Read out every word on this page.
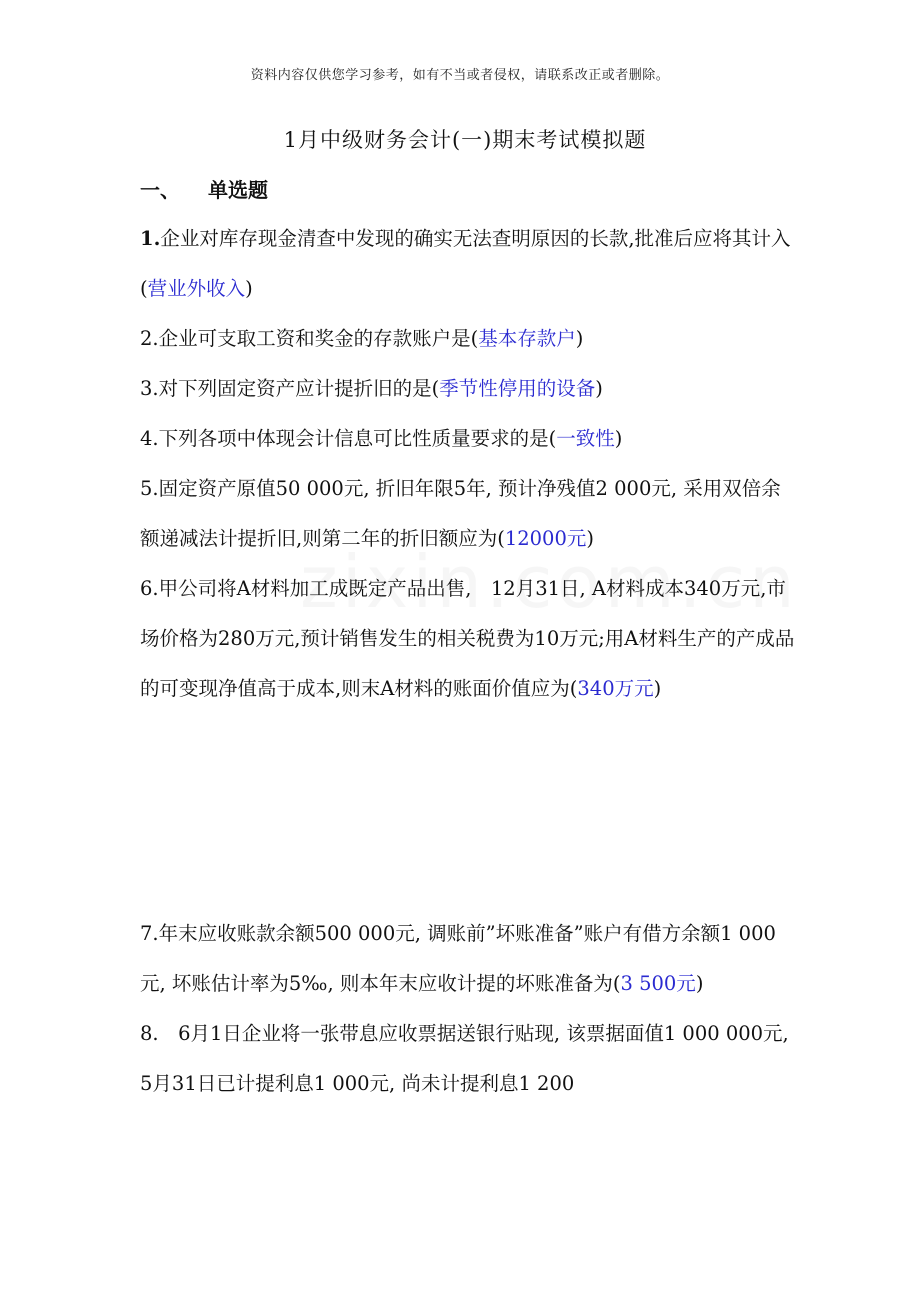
资料内容仅供您学习参考，如有不当或者侵权，请联系改正或者删除。
1月中级财务会计(一)期末考试模拟题
一、 单选题

1.企业对库存现金清查中发现的确实无法查明原因的长款,批准后应将其计入(营业外收入)

2.企业可支取工资和奖金的存款账户是(基本存款户)

3.对下列固定资产应计提折旧的是(季节性停用的设备)

4.下列各项中体现会计信息可比性质量要求的是(一致性)

5.固定资产原值50 000元, 折旧年限5年, 预计净残值2 000元, 采用双倍余额递减法计提折旧,则第二年的折旧额应为(12000元)

6.甲公司将A材料加工成既定产品出售,　12月31日, A材料成本340万元,市场价格为280万元,预计销售发生的相关税费为10万元;用A材料生产的产成品的可变现净值高于成本,则末A材料的账面价值应为(340万元)

7.年末应收账款余额500 000元, 调账前”坏账准备”账户有借方余额1 000元, 坏账估计率为5‰, 则本年末应收计提的坏账准备为(3 500元)

8.　6月1日企业将一张带息应收票据送银行贴现, 该票据面值1 000 000元,　5月31日已计提利息1 000元, 尚未计提利息1 200
